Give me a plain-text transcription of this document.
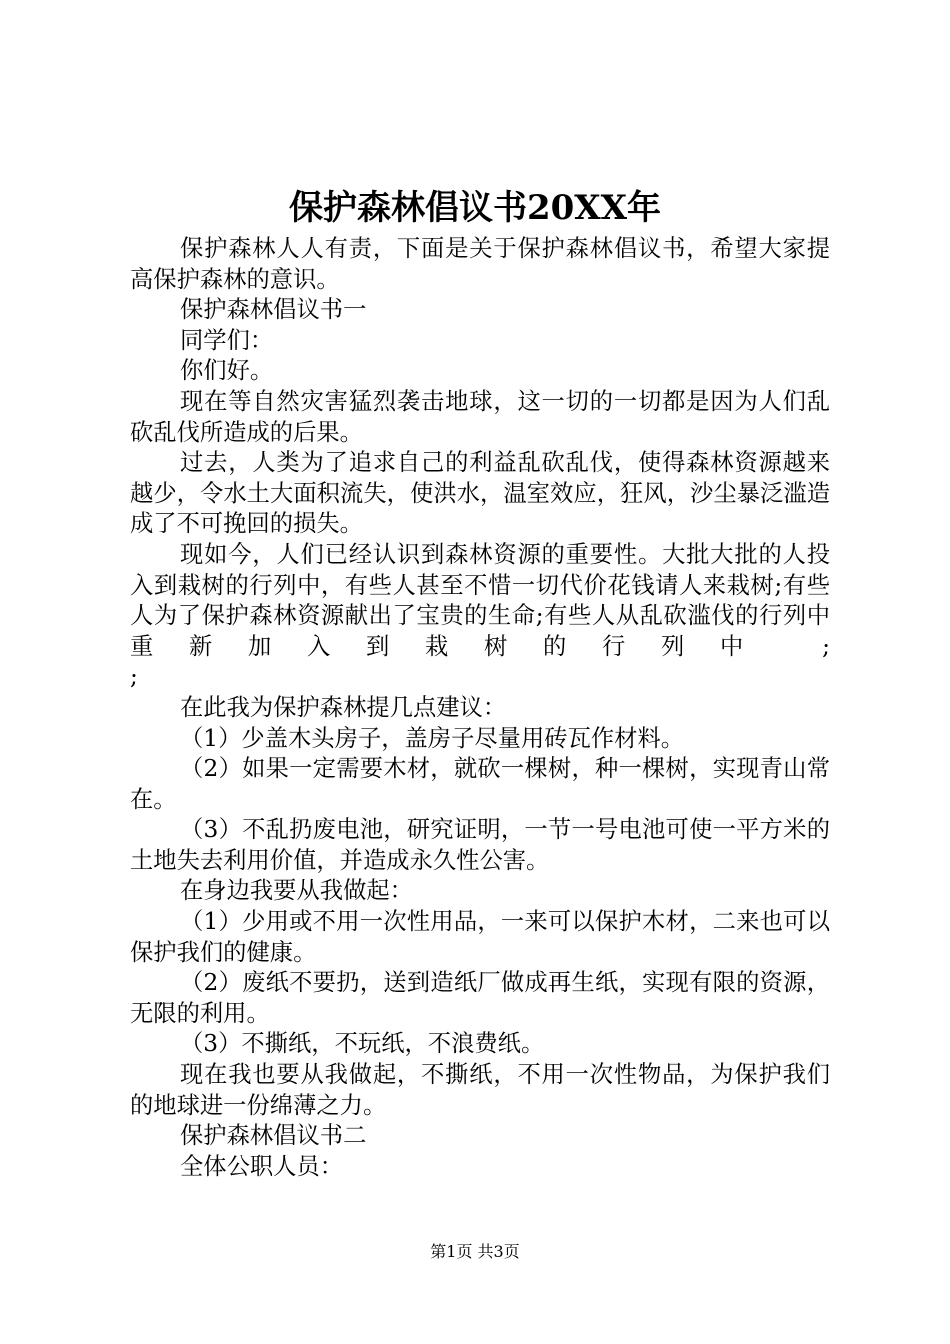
保护森林倡议书20XX年

保护森林人人有责，下面是关于保护森林倡议书，希望大家提高保护森林的意识。

保护森林倡议书一

同学们：

你们好。

现在等自然灾害猛烈袭击地球，这一切的一切都是因为人们乱砍乱伐所造成的后果。

过去，人类为了追求自己的利益乱砍乱伐，使得森林资源越来越少，令水土大面积流失，使洪水，温室效应，狂风，沙尘暴泛滥造成了不可挽回的损失。

现如今，人们已经认识到森林资源的重要性。大批大批的人投入到栽树的行列中，有些人甚至不惜一切代价花钱请人来栽树;有些人为了保护森林资源献出了宝贵的生命;有些人从乱砍滥伐的行列中重新加入到栽树的行列中 ;

;

在此我为保护森林提几点建议：

（1）少盖木头房子，盖房子尽量用砖瓦作材料。

（2）如果一定需要木材，就砍一棵树，种一棵树，实现青山常在。

（3）不乱扔废电池，研究证明，一节一号电池可使一平方米的土地失去利用价值，并造成永久性公害。

在身边我要从我做起：

（1）少用或不用一次性用品，一来可以保护木材，二来也可以保护我们的健康。

（2）废纸不要扔，送到造纸厂做成再生纸，实现有限的资源，无限的利用。

（3）不撕纸，不玩纸，不浪费纸。

现在我也要从我做起，不撕纸，不用一次性物品，为保护我们的地球进一份绵薄之力。

保护森林倡议书二

全体公职人员：

第1页 共3页
